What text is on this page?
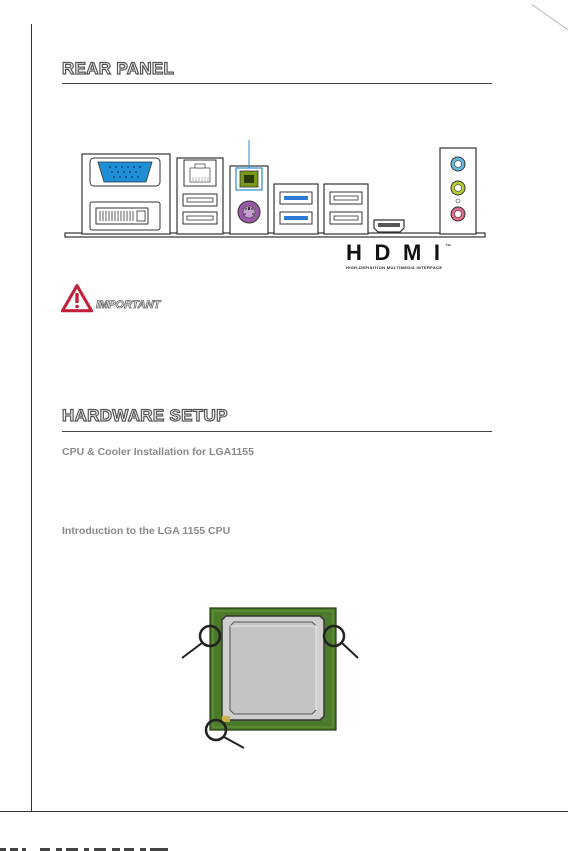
REAR PANEL
HDMI ™
HIGH-DEFINITION MULTIMEDIA INTERFACE
IMPORTANT
HARDWARE SETUP
CPU & Cooler Installation for LGA1155
Introduction to the LGA 1155 CPU
